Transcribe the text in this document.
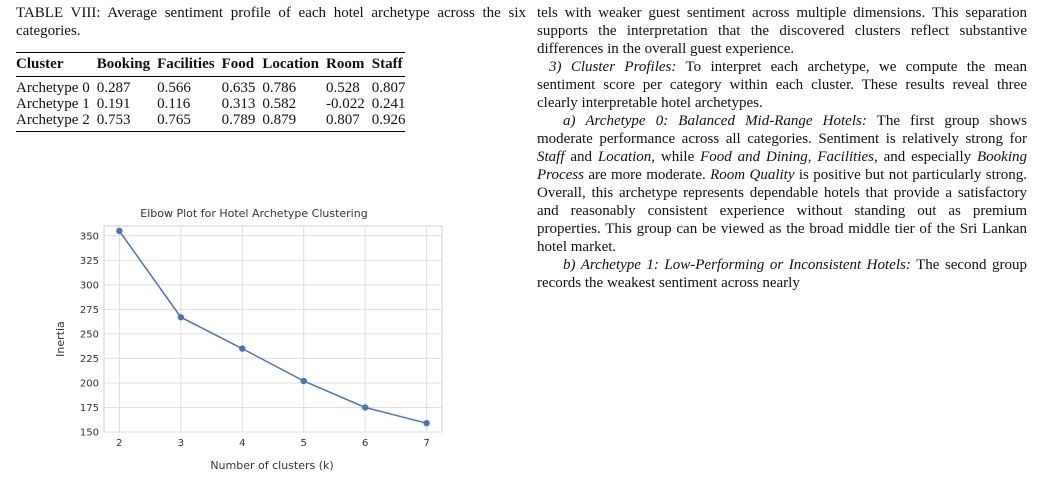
TABLE VIII: Average sentiment profile of each hotel archetype across the six categories.

Cluster	Booking	Facilities	Food	Location	Room	Staff
Archetype 0	0.287	0.566	0.635	0.786	0.528	0.807
Archetype 1	0.191	0.116	0.313	0.582	-0.022	0.241
Archetype 2	0.753	0.765	0.789	0.879	0.807	0.926
Elbow Plot for Hotel Archetype Clustering
Inertia
Number of clusters (k)
150
175
200
225
250
275
300
325
350
2	3	4	5	6	7

tels with weaker guest sentiment across multiple dimensions. This separation supports the interpretation that the discovered clusters reflect substantive differences in the overall guest experience.

3) Cluster Profiles: To interpret each archetype, we compute the mean sentiment score per category within each cluster. These results reveal three clearly interpretable hotel archetypes.

a) Archetype 0: Balanced Mid-Range Hotels: The first group shows moderate performance across all categories. Sentiment is relatively strong for Staff and Location, while Food and Dining, Facilities, and especially Booking Process are more moderate. Room Quality is positive but not particularly strong. Overall, this archetype represents dependable hotels that provide a satisfactory and reasonably consistent experience without standing out as premium properties. This group can be viewed as the broad middle tier of the Sri Lankan hotel market.

b) Archetype 1: Low-Performing or Inconsistent Hotels: The second group records the weakest sentiment across nearly
